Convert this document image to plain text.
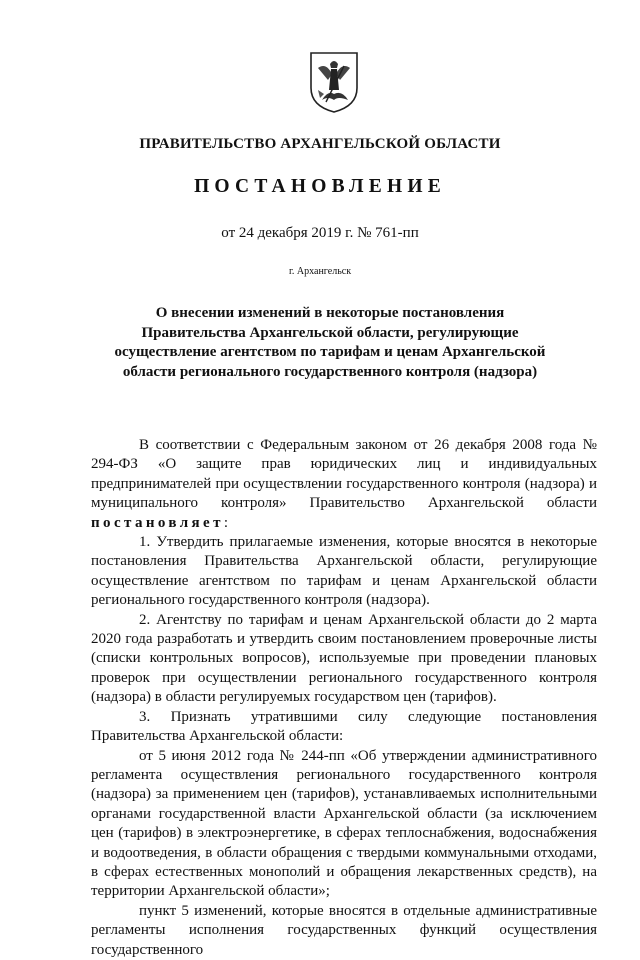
ПРАВИТЕЛЬСТВО АРХАНГЕЛЬСКОЙ ОБЛАСТИ
ПОСТАНОВЛЕНИЕ
от 24 декабря 2019 г. № 761-пп
г. Архангельск
О внесении изменений в некоторые постановления
Правительства Архангельской области, регулирующие
осуществление агентством по тарифам и ценам Архангельской
области регионального государственного контроля (надзора)

В соответствии с Федеральным законом от 26 декабря 2008 года № 294-ФЗ «О защите прав юридических лиц и индивидуальных предпринимателей при осуществлении государственного контроля (надзора) и муниципального контроля» Правительство Архангельской области постановляет:

1. Утвердить прилагаемые изменения, которые вносятся в некоторые постановления Правительства Архангельской области, регулирующие осуществление агентством по тарифам и ценам Архангельской области регионального государственного контроля (надзора).

2. Агентству по тарифам и ценам Архангельской области до 2 марта 2020 года разработать и утвердить своим постановлением проверочные листы (списки контрольных вопросов), используемые при проведении плановых проверок при осуществлении регионального государственного контроля (надзора) в области регулируемых государством цен (тарифов).

3. Признать утратившими силу следующие постановления Правительства Архангельской области:

от 5 июня 2012 года № 244-пп «Об утверждении административного регламента осуществления регионального государственного контроля (надзора) за применением цен (тарифов), устанавливаемых исполнительными органами государственной власти Архангельской области (за исключением цен (тарифов) в электроэнергетике, в сферах теплоснабжения, водоснабжения и водоотведения, в области обращения с твердыми коммунальными отходами, в сферах естественных монополий и обращения лекарственных средств), на территории Архангельской области»;

пункт 5 изменений, которые вносятся в отдельные административные регламенты исполнения государственных функций осуществления государственного
